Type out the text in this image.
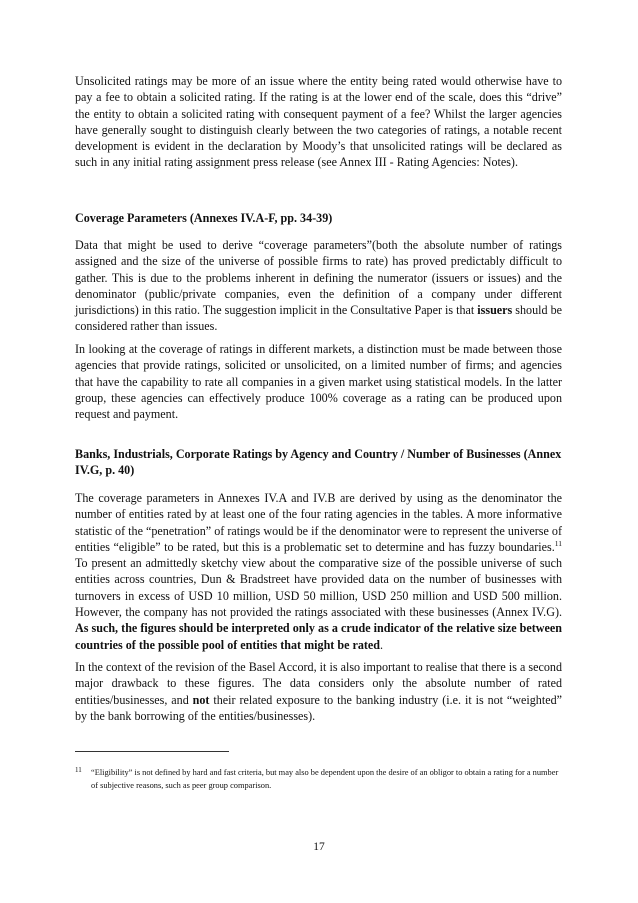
Unsolicited ratings may be more of an issue where the entity being rated would otherwise have to pay a fee to obtain a solicited rating. If the rating is at the lower end of the scale, does this “drive” the entity to obtain a solicited rating with consequent payment of a fee? Whilst the larger agencies have generally sought to distinguish clearly between the two categories of ratings, a notable recent development is evident in the declaration by Moody’s that unsolicited ratings will be declared as such in any initial rating assignment press release (see Annex III - Rating Agencies: Notes).

Coverage Parameters (Annexes IV.A-F, pp. 34-39)

Data that might be used to derive “coverage parameters”(both the absolute number of ratings assigned and the size of the universe of possible firms to rate) has proved predictably difficult to gather. This is due to the problems inherent in defining the numerator (issuers or issues) and the denominator (public/private companies, even the definition of a company under different jurisdictions) in this ratio. The suggestion implicit in the Consultative Paper is that issuers should be considered rather than issues.

In looking at the coverage of ratings in different markets, a distinction must be made between those agencies that provide ratings, solicited or unsolicited, on a limited number of firms; and agencies that have the capability to rate all companies in a given market using statistical models. In the latter group, these agencies can effectively produce 100% coverage as a rating can be produced upon request and payment.

Banks, Industrials, Corporate Ratings by Agency and Country / Number of Businesses (Annex IV.G, p. 40)

The coverage parameters in Annexes IV.A and IV.B are derived by using as the denominator the number of entities rated by at least one of the four rating agencies in the tables. A more informative statistic of the “penetration” of ratings would be if the denominator were to represent the universe of entities “eligible” to be rated, but this is a problematic set to determine and has fuzzy boundaries.$^{11}$ To present an admittedly sketchy view about the comparative size of the possible universe of such entities across countries, Dun & Bradstreet have provided data on the number of businesses with turnovers in excess of USD 10 million, USD 50 million, USD 250 million and USD 500 million. However, the company has not provided the ratings associated with these businesses (Annex IV.G). As such, the figures should be interpreted only as a crude indicator of the relative size between countries of the possible pool of entities that might be rated.

In the context of the revision of the Basel Accord, it is also important to realise that there is a second major drawback to these figures. The data considers only the absolute number of rated entities/businesses, and not their related exposure to the banking industry (i.e. it is not “weighted” by the bank borrowing of the entities/businesses).

11	“Eligibility” is not defined by hard and fast criteria, but may also be dependent upon the desire of an obligor to obtain a rating for a number of subjective reasons, such as peer group comparison.
17
